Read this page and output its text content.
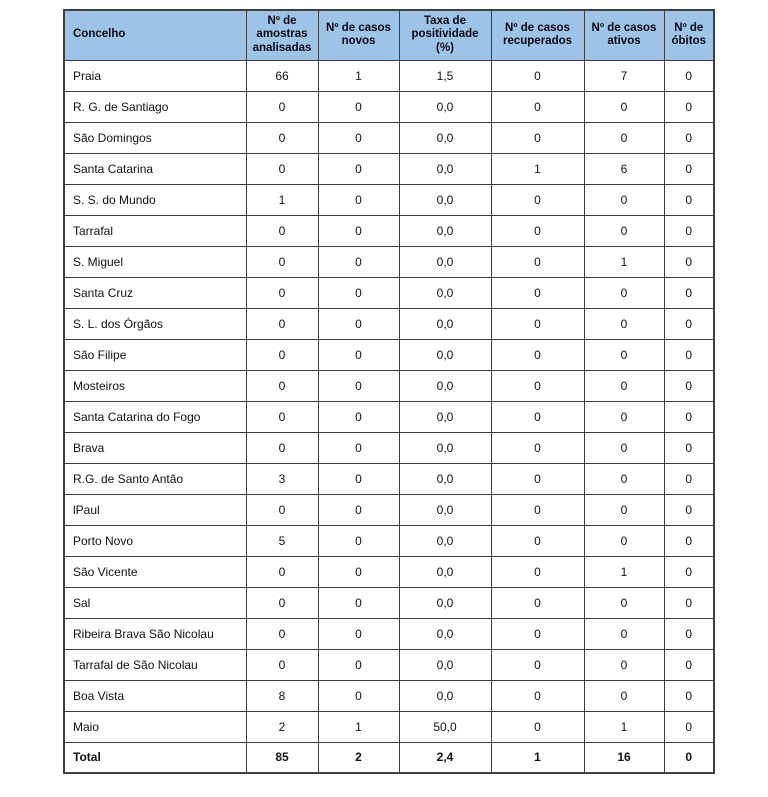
Concelho	Nº de amostras analisadas	Nº de casos novos	Taxa de positividade (%)	Nº de casos recuperados	Nº de casos ativos	Nº de óbitos
Praia	66	1	1,5	0	7	0
R. G. de Santiago	0	0	0,0	0	0	0
São Domingos	0	0	0,0	0	0	0
Santa Catarina	0	0	0,0	1	6	0
S. S. do Mundo	1	0	0,0	0	0	0
Tarrafal	0	0	0,0	0	0	0
S. Miguel	0	0	0,0	0	1	0
Santa Cruz	0	0	0,0	0	0	0
S. L. dos Órgãos	0	0	0,0	0	0	0
São Filipe	0	0	0,0	0	0	0
Mosteiros	0	0	0,0	0	0	0
Santa Catarina do Fogo	0	0	0,0	0	0	0
Brava	0	0	0,0	0	0	0
R.G. de Santo Antão	3	0	0,0	0	0	0
lPaul	0	0	0,0	0	0	0
Porto Novo	5	0	0,0	0	0	0
São Vicente	0	0	0,0	0	1	0
Sal	0	0	0,0	0	0	0
Ribeira Brava São Nicolau	0	0	0,0	0	0	0
Tarrafal de São Nicolau	0	0	0,0	0	0	0
Boa Vista	8	0	0,0	0	0	0
Maio	2	1	50,0	0	1	0
Total	85	2	2,4	1	16	0
